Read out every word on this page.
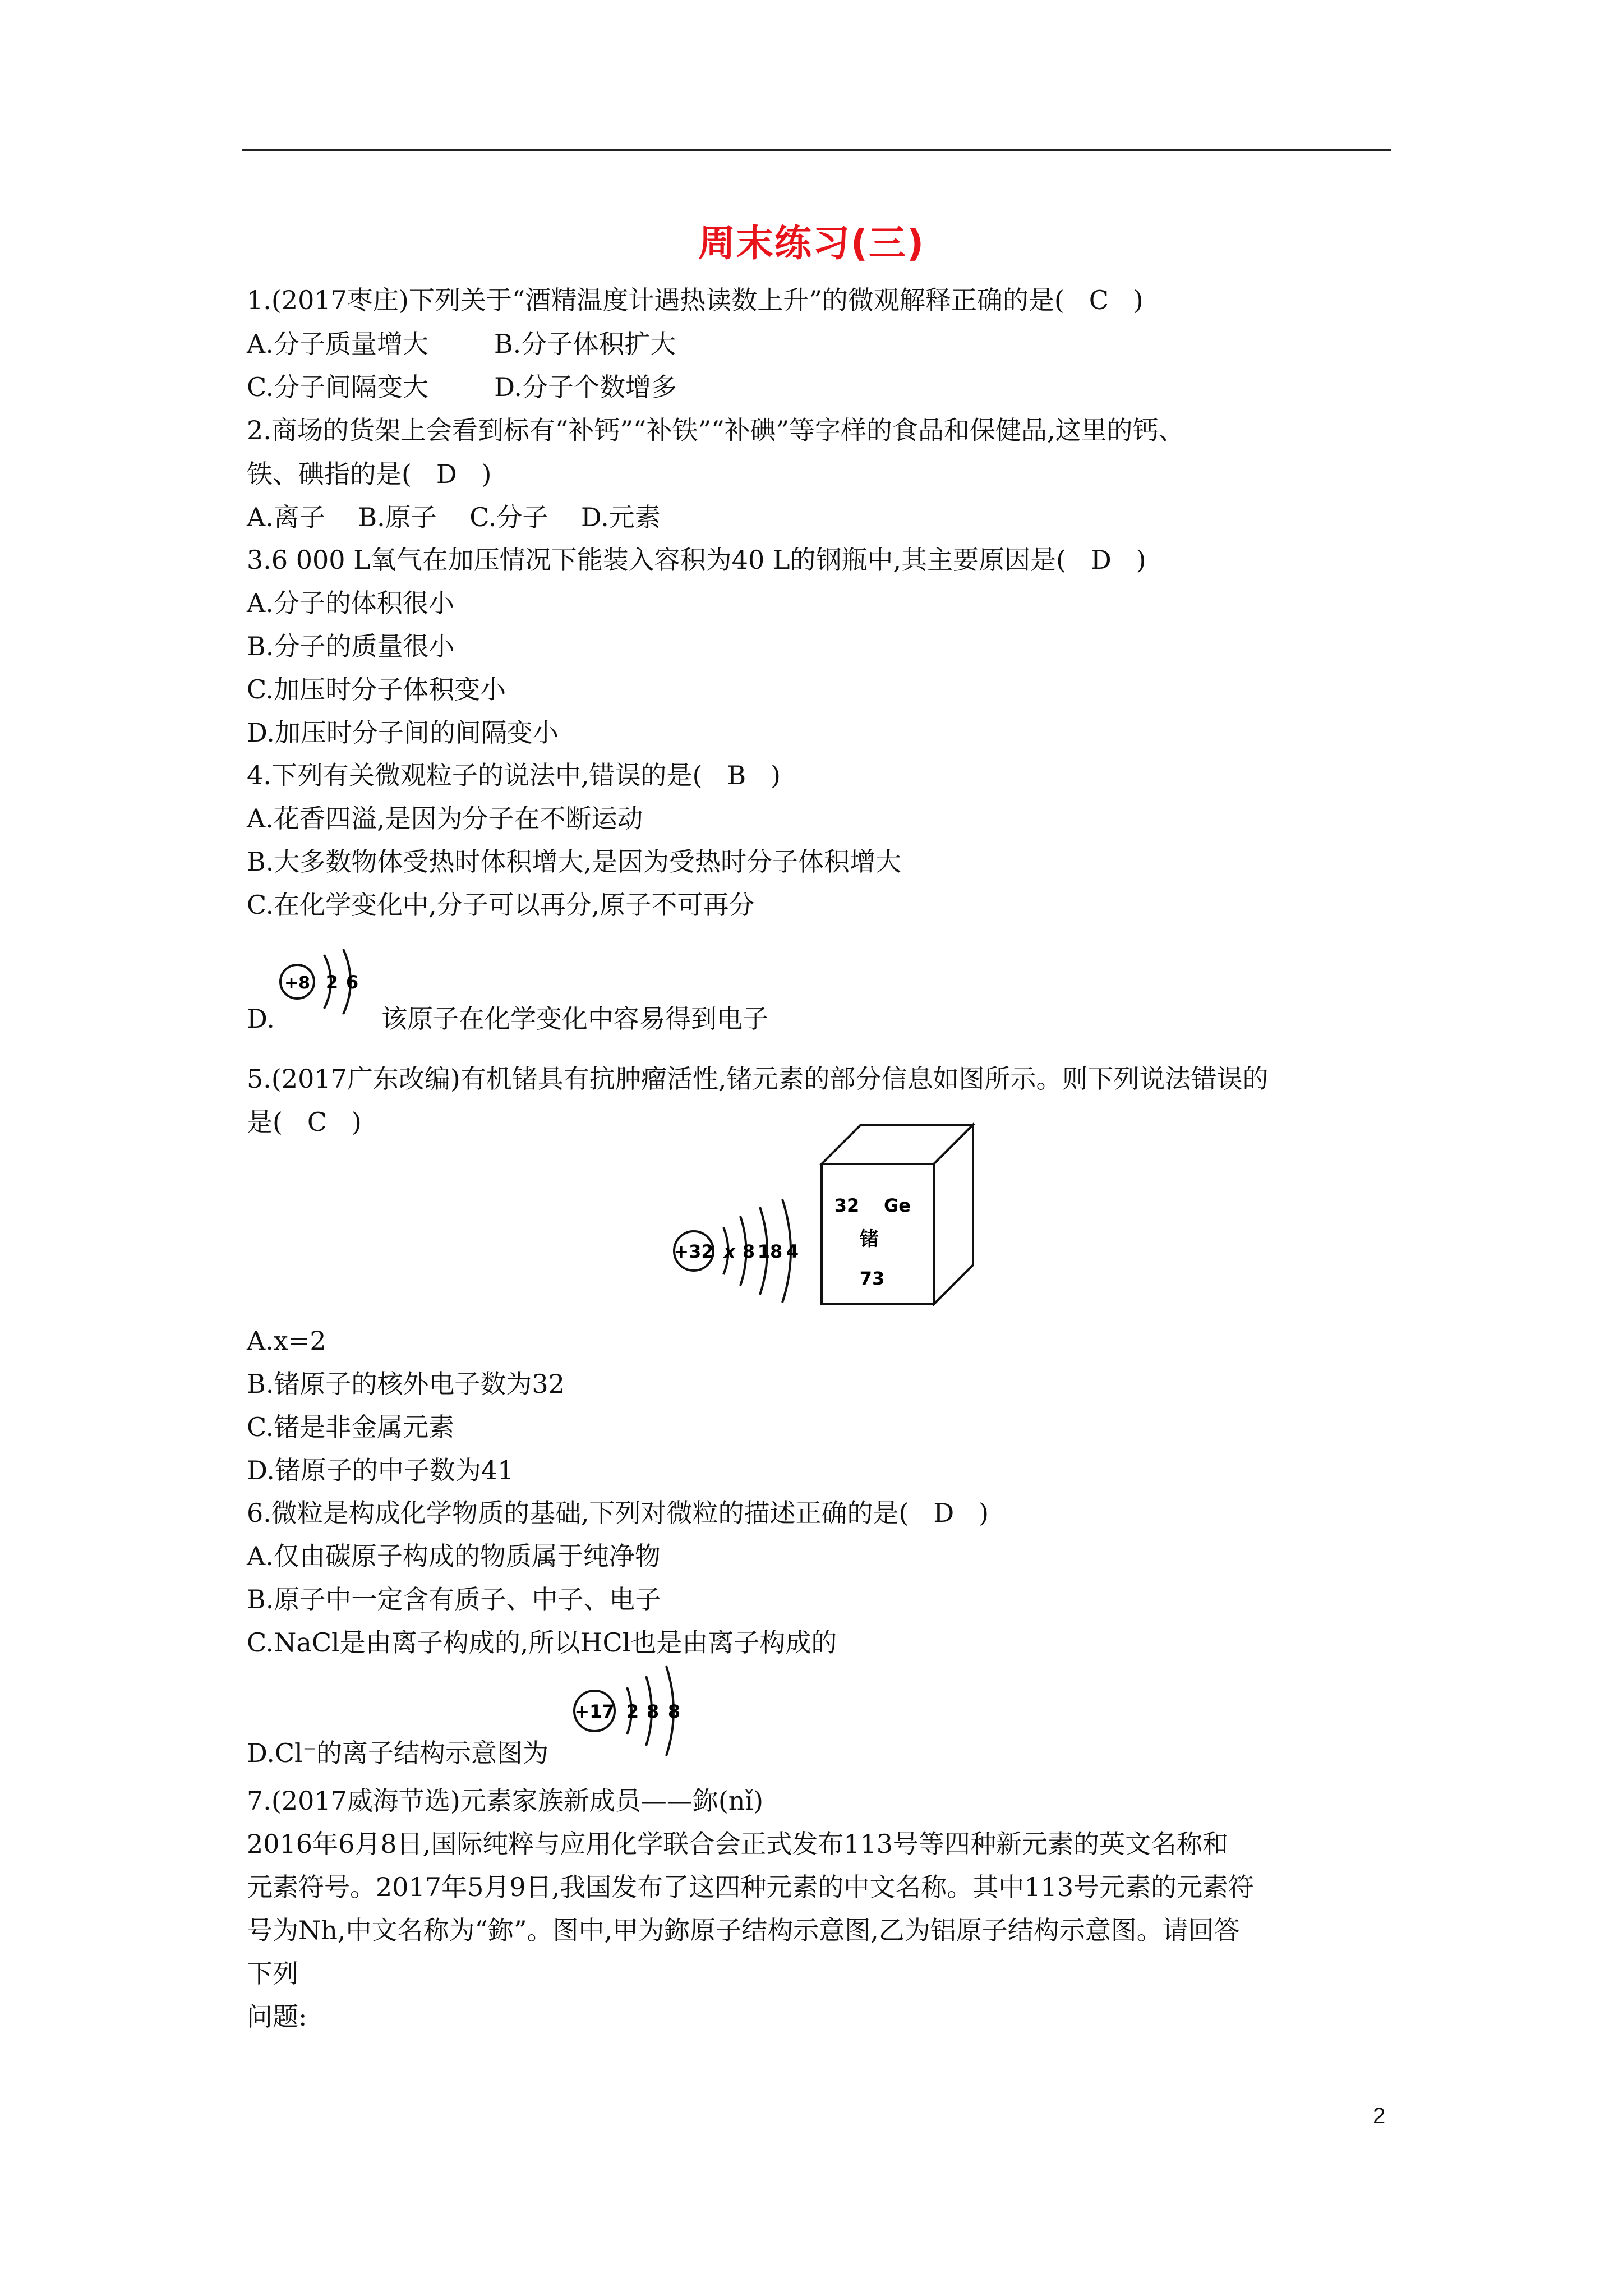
周末练习(三)
1.(2017枣庄)下列关于“酒精温度计遇热读数上升”的微观解释正确的是(   C   )
A.分子质量增大        B.分子体积扩大
C.分子间隔变大        D.分子个数增多
2.商场的货架上会看到标有“补钙”“补铁”“补碘”等字样的食品和保健品,这里的钙、
铁、碘指的是(   D   )
A.离子    B.原子    C.分子    D.元素
3.6 000 L氧气在加压情况下能装入容积为40 L的钢瓶中,其主要原因是(   D   )
A.分子的体积很小
B.分子的质量很小
C.加压时分子体积变小
D.加压时分子间的间隔变小
4.下列有关微观粒子的说法中,错误的是(   B   )
A.花香四溢,是因为分子在不断运动
B.大多数物体受热时体积增大,是因为受热时分子体积增大
C.在化学变化中,分子可以再分,原子不可再分
+8 2 6
D.	该原子在化学变化中容易得到电子
5.(2017广东改编)有机锗具有抗肿瘤活性,锗元素的部分信息如图所示。则下列说法错误的
是(   C   )
+32 x 8 18 4
32 Ge
锗
73
A.x=2
B.锗原子的核外电子数为32
C.锗是非金属元素
D.锗原子的中子数为41
6.微粒是构成化学物质的基础,下列对微粒的描述正确的是(   D   )
A.仅由碳原子构成的物质属于纯净物
B.原子中一定含有质子、中子、电子
C.NaCl是由离子构成的,所以HCl也是由离子构成的
+17 2 8 8
D.Cl⁻的离子结构示意图为
7.(2017威海节选)元素家族新成员——鉨(nǐ)
2016年6月8日,国际纯粹与应用化学联合会正式发布113号等四种新元素的英文名称和
元素符号。2017年5月9日,我国发布了这四种元素的中文名称。其中113号元素的元素符
号为Nh,中文名称为“鉨”。图中,甲为鉨原子结构示意图,乙为铝原子结构示意图。请回答
下列
问题:
2
